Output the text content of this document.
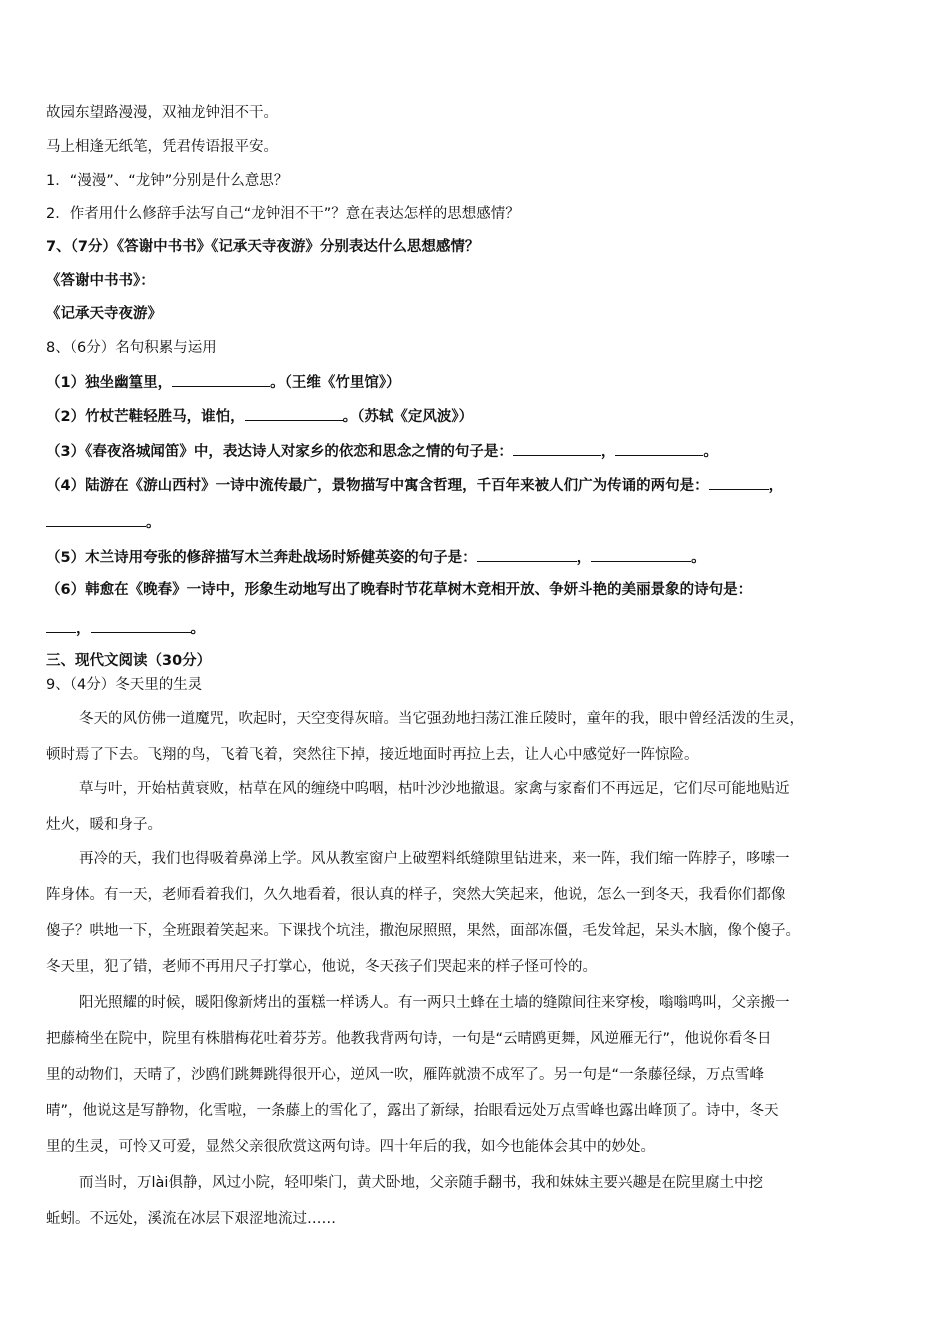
故园东望路漫漫，双袖龙钟泪不干。
马上相逢无纸笔，凭君传语报平安。
1．“漫漫”、“龙钟”分别是什么意思？
2．作者用什么修辞手法写自己“龙钟泪不干”？意在表达怎样的思想感情？
7、（7分）《答谢中书书》《记承天寺夜游》分别表达什么思想感情？
《答谢中书书》：
《记承天寺夜游》
8、（6分）名句积累与运用
（1）独坐幽篁里，	。（王维《竹里馆》）
（2）竹杖芒鞋轻胜马，谁怕，	。（苏轼《定风波》）
（3）《春夜洛城闻笛》中，表达诗人对家乡的依恋和思念之情的句子是：	，	。
（4）陆游在《游山西村》一诗中流传最广，景物描写中寓含哲理，千百年来被人们广为传诵的两句是：	，
。
（5）木兰诗用夸张的修辞描写木兰奔赴战场时矫健英姿的句子是：	，	。
（6）韩愈在《晚春》一诗中，形象生动地写出了晚春时节花草树木竞相开放、争妍斗艳的美丽景象的诗句是：
，	。
三、现代文阅读（30分）
9、（4分）冬天里的生灵
冬天的风仿佛一道魔咒，吹起时，天空变得灰暗。当它强劲地扫荡江淮丘陵时，童年的我，眼中曾经活泼的生灵，
顿时焉了下去。飞翔的鸟，飞着飞着，突然往下掉，接近地面时再拉上去，让人心中感觉好一阵惊险。
草与叶，开始枯黄衰败，枯草在风的缠绕中呜咽，枯叶沙沙地撤退。家禽与家畜们不再远足，它们尽可能地贴近
灶火，暖和身子。
再冷的天，我们也得吸着鼻涕上学。风从教室窗户上破塑料纸缝隙里钻进来，来一阵，我们缩一阵脖子，哆嗦一
阵身体。有一天，老师看着我们，久久地看着，很认真的样子，突然大笑起来，他说，怎么一到冬天，我看你们都像
傻子？哄地一下，全班跟着笑起来。下课找个坑洼，撒泡尿照照，果然，面部冻僵，毛发耸起，呆头木脑，像个傻子。
冬天里，犯了错，老师不再用尺子打掌心，他说，冬天孩子们哭起来的样子怪可怜的。
阳光照耀的时候，暖阳像新烤出的蛋糕一样诱人。有一两只土蜂在土墙的缝隙间往来穿梭，嗡嗡鸣叫，父亲搬一
把藤椅坐在院中，院里有株腊梅花吐着芬芳。他教我背两句诗，一句是“云晴鸥更舞，风逆雁无行”，他说你看冬日
里的动物们，天晴了，沙鸥们跳舞跳得很开心，逆风一吹，雁阵就溃不成军了。另一句是“一条藤径绿，万点雪峰
晴”，他说这是写静物，化雪啦，一条藤上的雪化了，露出了新绿，抬眼看远处万点雪峰也露出峰顶了。诗中，冬天
里的生灵，可怜又可爱，显然父亲很欣赏这两句诗。四十年后的我，如今也能体会其中的妙处。
而当时，万lài俱静，风过小院，轻叩柴门，黄犬卧地，父亲随手翻书，我和妹妹主要兴趣是在院里腐土中挖
蚯蚓。不远处，溪流在冰层下艰涩地流过……
